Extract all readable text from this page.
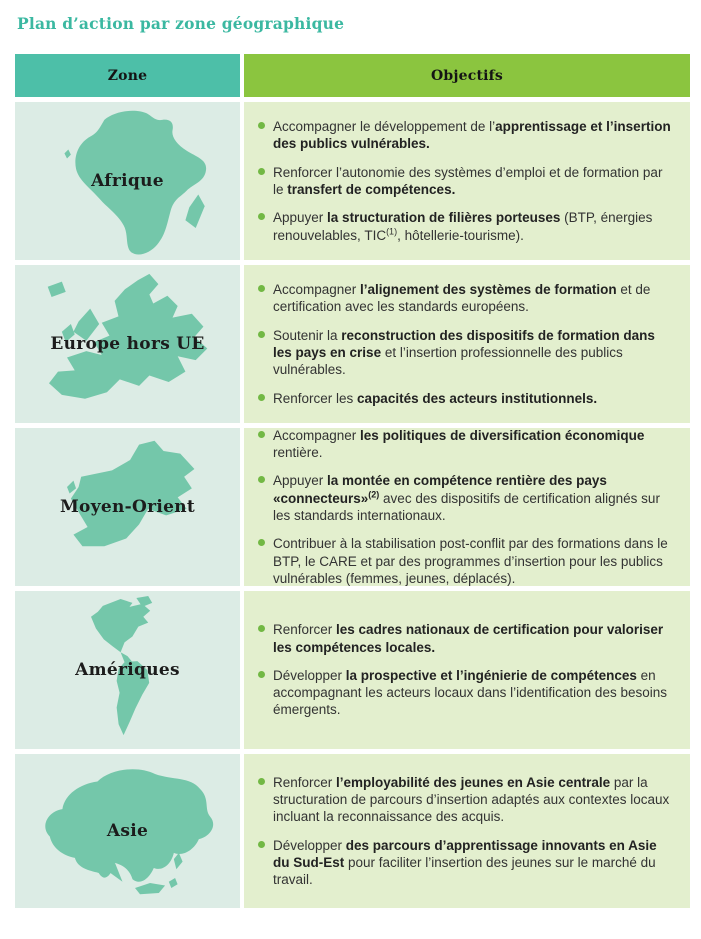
Plan d’action par zone géographique
Zone	Objectifs
Afrique
Accompagner le développement de l’apprentissage et l’insertion des publics vulnérables.
Renforcer l’autonomie des systèmes d’emploi et de formation par le transfert de compétences.
Appuyer la structuration de filières porteuses (BTP, énergies renouvelables, TIC$^{(1)}$, hôtellerie-tourisme).
Europe hors UE
Accompagner l’alignement des systèmes de formation et de certification avec les standards européens.
Soutenir la reconstruction des dispositifs de formation dans les pays en crise et l’insertion professionnelle des publics vulnérables.
Renforcer les capacités des acteurs institutionnels.
Moyen-Orient
Accompagner les politiques de diversification économique rentière.
Appuyer la montée en compétence rentière des pays «connecteurs»$^{(2)}$ avec des dispositifs de certification alignés sur les standards internationaux.
Contribuer à la stabilisation post-conflit par des formations dans le BTP, le CARE et par des programmes d’insertion pour les publics vulnérables (femmes, jeunes, déplacés).
Amériques
Renforcer les cadres nationaux de certification pour valoriser les compétences locales.
Développer la prospective et l’ingénierie de compétences en accompagnant les acteurs locaux dans l’identification des besoins émergents.
Asie
Renforcer l’employabilité des jeunes en Asie centrale par la structuration de parcours d’insertion adaptés aux contextes locaux incluant la reconnaissance des acquis.
Développer des parcours d’apprentissage innovants en Asie du Sud-Est pour faciliter l’insertion des jeunes sur le marché du travail.
